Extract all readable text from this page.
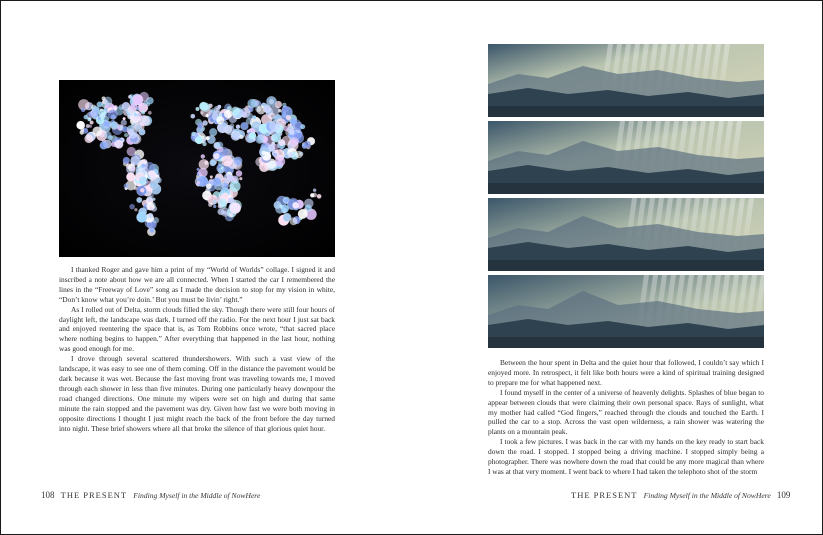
I thanked Roger and gave him a print of my “World of Worlds” collage. I signed it and inscribed a note about how we are all connected. When I started the car I remembered the lines in the “Freeway of Love” song as I made the decision to stop for my vision in white, “Don’t know what you’re doin.’ But you must be livin’ right.”

As I rolled out of Delta, storm clouds filled the sky. Though there were still four hours of daylight left, the landscape was dark. I turned off the radio. For the next hour I just sat back and enjoyed reentering the space that is, as Tom Robbins once wrote, “that sacred place where nothing begins to happen.” After everything that happened in the last hour, nothing was good enough for me.

I drove through several scattered thundershowers. With such a vast view of the landscape, it was easy to see one of them coming. Off in the distance the pavement would be dark because it was wet. Because the fast moving front was traveling towards me, I moved through each shower in less than five minutes. During one particularly heavy downpour the road changed directions. One minute my wipers were set on high and during that same minute the rain stopped and the pavement was dry. Given how fast we were both moving in opposite directions I thought I just might reach the back of the front before the day turned into night. These brief showers where all that broke the silence of that glorious quiet hour.

108 THE PRESENT Finding Myself in the Middle of NowHere

Between the hour spent in Delta and the quiet hour that followed, I couldn’t say which I enjoyed more. In retrospect, it felt like both hours were a kind of spiritual training designed to prepare me for what happened next.

I found myself in the center of a universe of heavenly delights. Splashes of blue began to appear between clouds that were claiming their own personal space. Rays of sunlight, what my mother had called “God fingers,” reached through the clouds and touched the Earth. I pulled the car to a stop. Across the vast open wilderness, a rain shower was watering the plants on a mountain peak.

I took a few pictures. I was back in the car with my hands on the key ready to start back down the road. I stopped. I stopped being a driving machine. I stopped simply being a photographer. There was nowhere down the road that could be any more magical than where I was at that very moment. I went back to where I had taken the telephoto shot of the storm

THE PRESENT Finding Myself in the Middle of NowHere 109
